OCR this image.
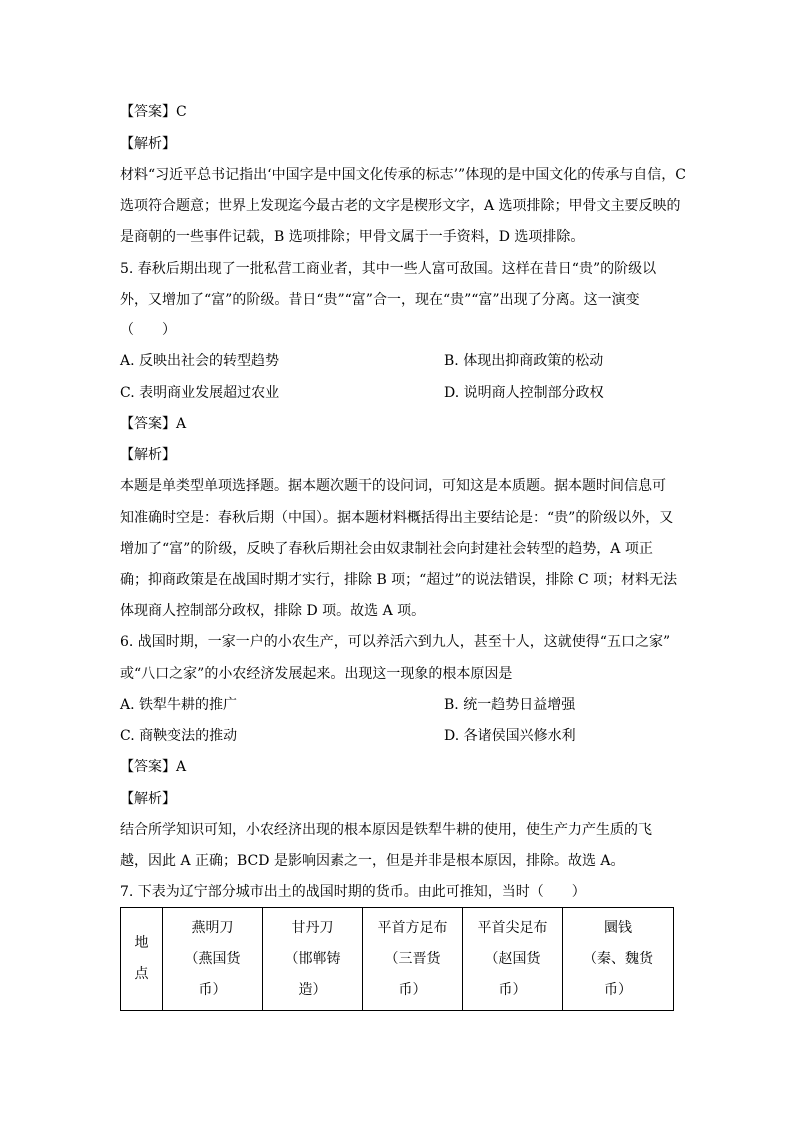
【答案】C
【解析】
材料“习近平总书记指出‘中国字是中国文化传承的标志’”体现的是中国文化的传承与自信，C
选项符合题意；世界上发现迄今最古老的文字是楔形文字，A 选项排除；甲骨文主要反映的
是商朝的一些事件记载，B 选项排除；甲骨文属于一手资料，D 选项排除。
5. 春秋后期出现了一批私营工商业者，其中一些人富可敌国。这样在昔日“贵”的阶级以
外，又增加了“富”的阶级。昔日“贵”“富”合一，现在“贵”“富”出现了分离。这一演变
（　　）
A. 反映出社会的转型趋势	B. 体现出抑商政策的松动
C. 表明商业发展超过农业	D. 说明商人控制部分政权
【答案】A
【解析】
本题是单类型单项选择题。据本题次题干的设问词，可知这是本质题。据本题时间信息可
知准确时空是：春秋后期（中国）。据本题材料概括得出主要结论是：“贵”的阶级以外，又
增加了“富”的阶级，反映了春秋后期社会由奴隶制社会向封建社会转型的趋势，A 项正
确；抑商政策是在战国时期才实行，排除 B 项；“超过”的说法错误，排除 C 项；材料无法
体现商人控制部分政权，排除 D 项。故选 A 项。
6. 战国时期，一家一户的小农生产，可以养活六到九人，甚至十人，这就使得“五口之家”
或“八口之家”的小农经济发展起来。出现这一现象的根本原因是
A. 铁犁牛耕的推广	B. 统一趋势日益增强
C. 商鞅变法的推动	D. 各诸侯国兴修水利
【答案】A
【解析】
结合所学知识可知，小农经济出现的根本原因是铁犁牛耕的使用，使生产力产生质的飞
越，因此 A 正确；BCD 是影响因素之一，但是并非是根本原因，排除。故选 A。
7. 下表为辽宁部分城市出土的战国时期的货币。由此可推知，当时（　　）
地
点

燕明刀
（燕国货
币）

甘丹刀
（邯郸铸
造）

平首方足布
（三晋货
币）

平首尖足布
（赵国货
币）

圜钱
（秦、魏货
币）
